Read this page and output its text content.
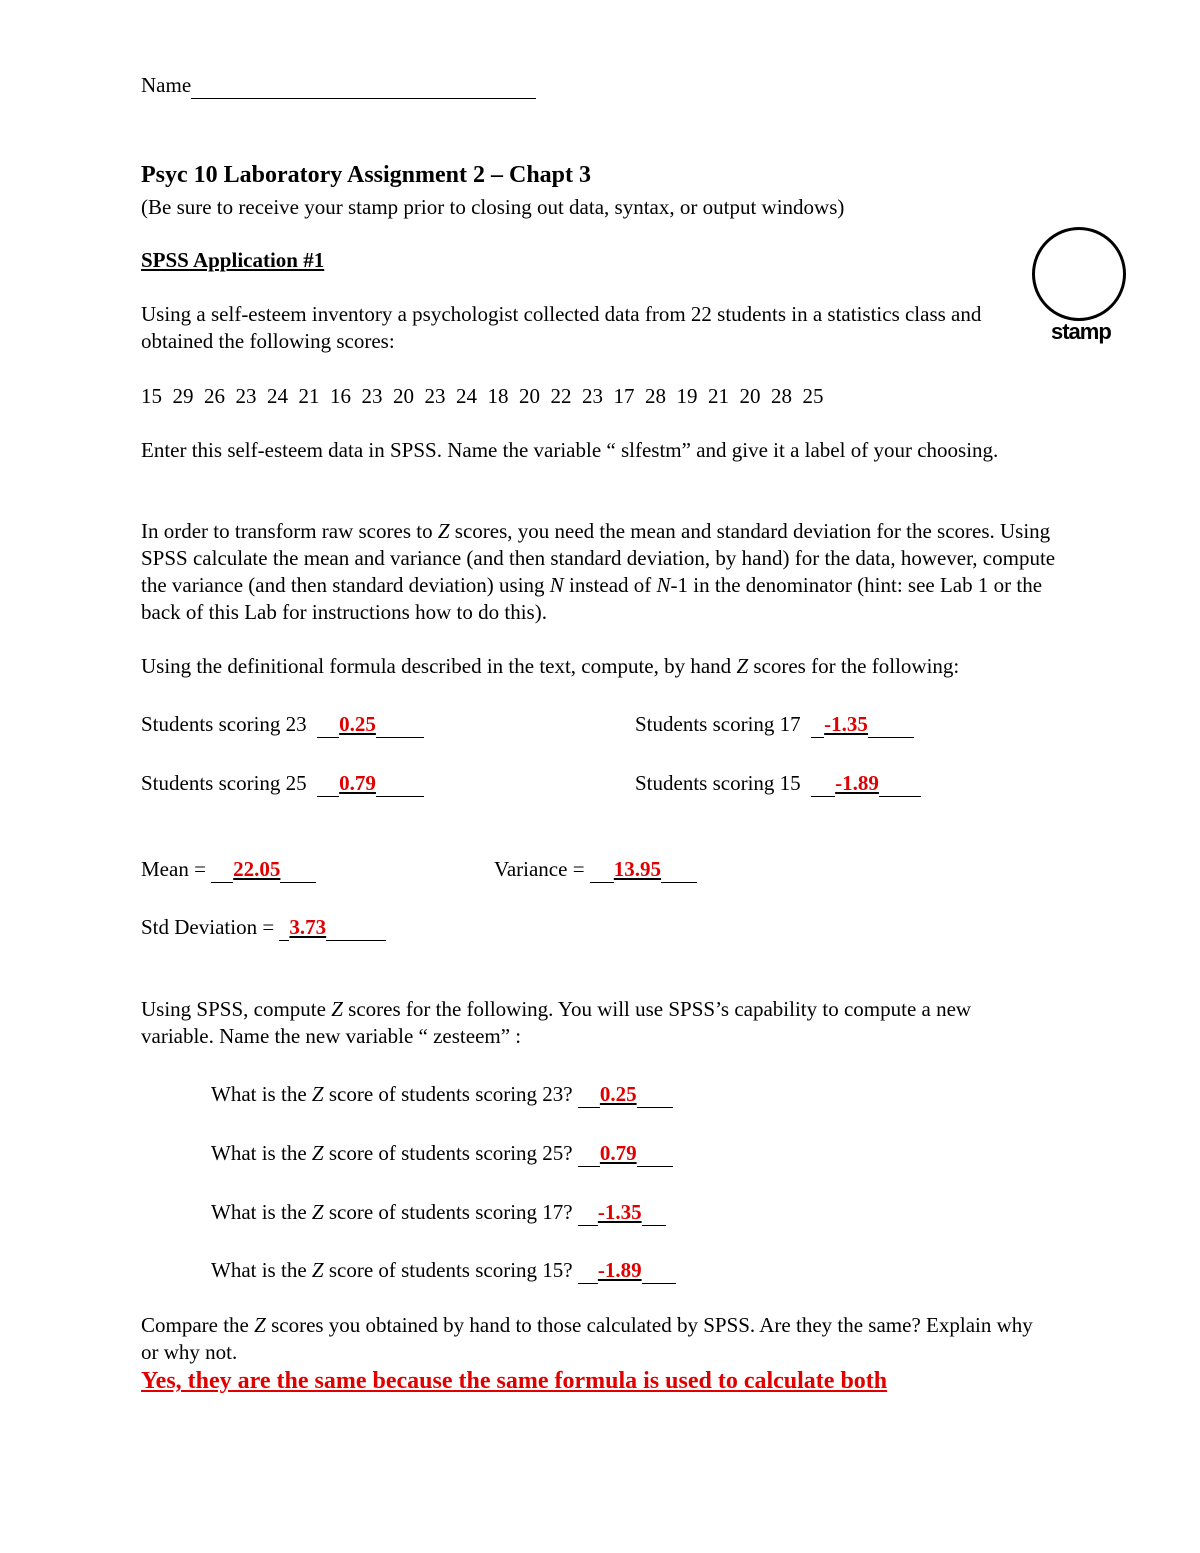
Name
Psyc 10 Laboratory Assignment 2 – Chapt 3
(Be sure to receive your stamp prior to closing out data, syntax, or output windows)
SPSS Application #1
stamp
Using a self-esteem inventory a psychologist collected data from 22 students in a statistics class and obtained the following scores:
15  29  26  23  24  21  16  23  20  23  24  18  20  22  23  17  28  19  21  20  28  25
Enter this self-esteem data in SPSS. Name the variable “ slfestm” and give it a label of your choosing.
In order to transform raw scores to Z scores, you need the mean and standard deviation for the scores. Using SPSS calculate the mean and variance (and then standard deviation, by hand) for the data, however, compute the variance (and then standard deviation) using N instead of N-1 in the denominator (hint: see Lab 1 or the back of this Lab for instructions how to do this).
Using the definitional formula described in the text, compute, by hand Z scores for the following:
Students scoring 23 0.25	Students scoring 17 -1.35
Students scoring 25 0.79	Students scoring 15 -1.89
Mean = 22.05	Variance = 13.95
Std Deviation = 3.73
Using SPSS, compute Z scores for the following. You will use SPSS’s capability to compute a new variable. Name the new variable “ zesteem” :
What is the Z score of students scoring 23? 0.25
What is the Z score of students scoring 25? 0.79
What is the Z score of students scoring 17? -1.35
What is the Z score of students scoring 15? -1.89
Compare the Z scores you obtained by hand to those calculated by SPSS. Are they the same? Explain why or why not.
Yes, they are the same because the same formula is used to calculate both
